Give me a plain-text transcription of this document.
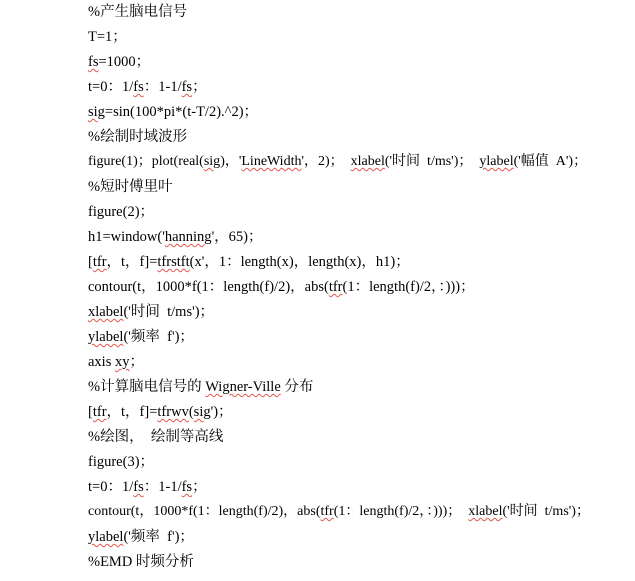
%产生脑电信号
T=1；
fs=1000；
t=0：1/fs：1-1/fs；
sig=sin(100*pi*(t-T/2).^2)；
%绘制时域波形
figure(1)；plot(real(sig)，'LineWidth'，2)；  xlabel('时间  t/ms')；  ylabel('幅值  A')；
%短时傅里叶
figure(2)；
h1=window('hanning'，65)；
[tfr，t，f]=tfrstft(x'，1：length(x)，length(x)，h1)；
contour(t，1000*f(1：length(f)/2)，abs(tfr(1：length(f)/2，：)))；
xlabel('时间  t/ms')；
ylabel('频率  f')；
axis xy；
%计算脑电信号的 Wigner-Ville 分布
[tfr，t，f]=tfrwv(sig')；
%绘图，  绘制等高线
figure(3)；
t=0：1/fs：1-1/fs；
contour(t，1000*f(1：length(f)/2)，abs(tfr(1：length(f)/2，：)))；  xlabel('时间  t/ms')；
ylabel('频率  f')；
%EMD 时频分析
